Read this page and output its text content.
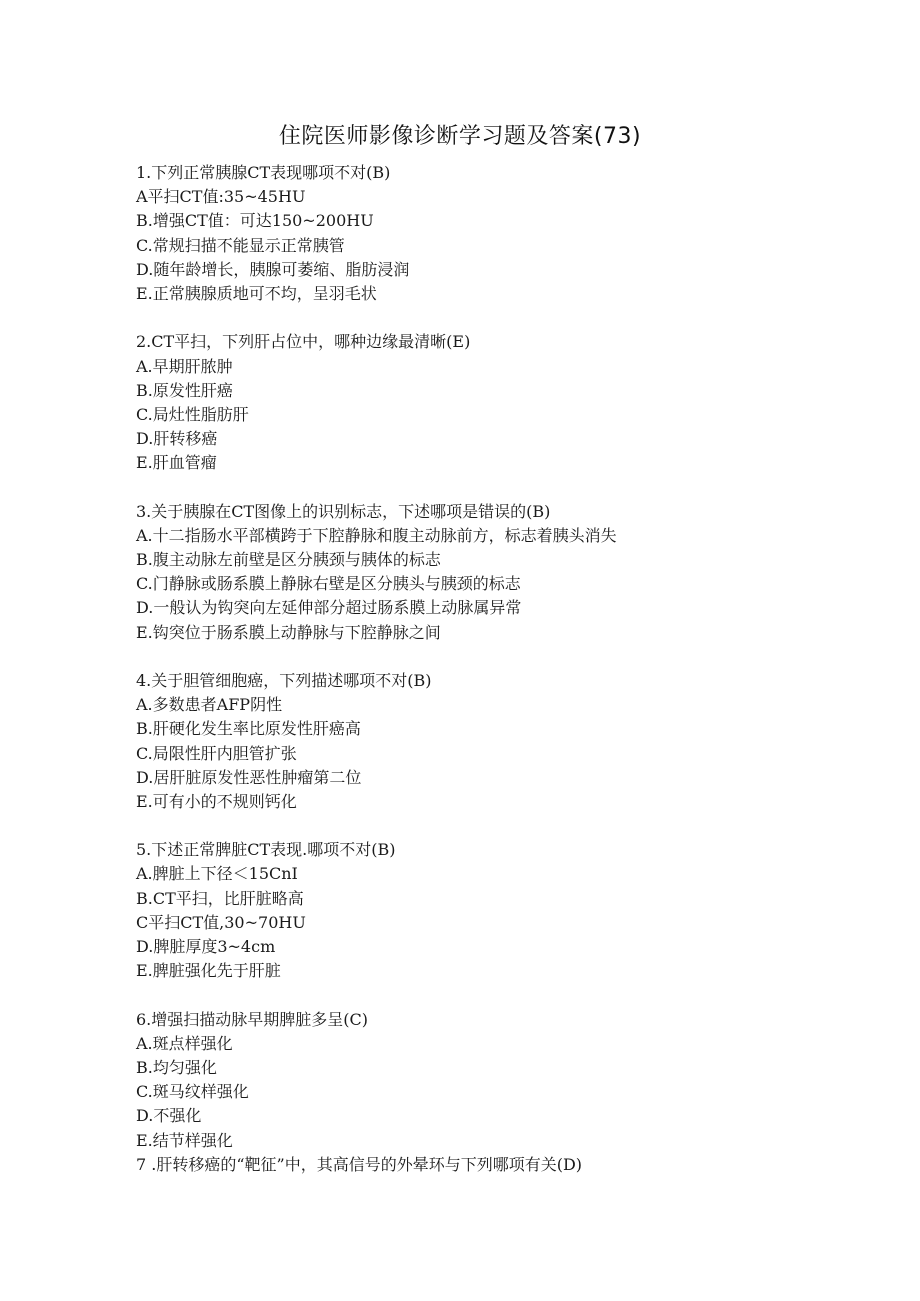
住院医师影像诊断学习题及答案(73)
1.下列正常胰腺CT表现哪项不对(B)
A平扫CT值:35~45HU
B.增强CT值：可达150~200HU
C.常规扫描不能显示正常胰管
D.随年龄增长，胰腺可萎缩、脂肪浸润
E.正常胰腺质地可不均，呈羽毛状
2.CT平扫，下列肝占位中，哪种边缘最清晰(E)
A.早期肝脓肿
B.原发性肝癌
C.局灶性脂肪肝
D.肝转移癌
E.肝血管瘤
3.关于胰腺在CT图像上的识别标志，下述哪项是错误的(B)
A.十二指肠水平部横跨于下腔静脉和腹主动脉前方，标志着胰头消失
B.腹主动脉左前壁是区分胰颈与胰体的标志
C.门静脉或肠系膜上静脉右壁是区分胰头与胰颈的标志
D.一般认为钩突向左延伸部分超过肠系膜上动脉属异常
E.钩突位于肠系膜上动静脉与下腔静脉之间
4.关于胆管细胞癌，下列描述哪项不对(B)
A.多数患者AFP阴性
B.肝硬化发生率比原发性肝癌高
C.局限性肝内胆管扩张
D.居肝脏原发性恶性肿瘤第二位
E.可有小的不规则钙化
5.下述正常脾脏CT表现.哪项不对(B)
A.脾脏上下径＜15CnI
B.CT平扫，比肝脏略高
C平扫CT值,30~70HU
D.脾脏厚度3~4cm
E.脾脏强化先于肝脏
6.增强扫描动脉早期脾脏多呈(C)
A.斑点样强化
B.均匀强化
C.斑马纹样强化
D.不强化
E.结节样强化
7 .肝转移癌的“靶征”中，其高信号的外晕环与下列哪项有关(D)
